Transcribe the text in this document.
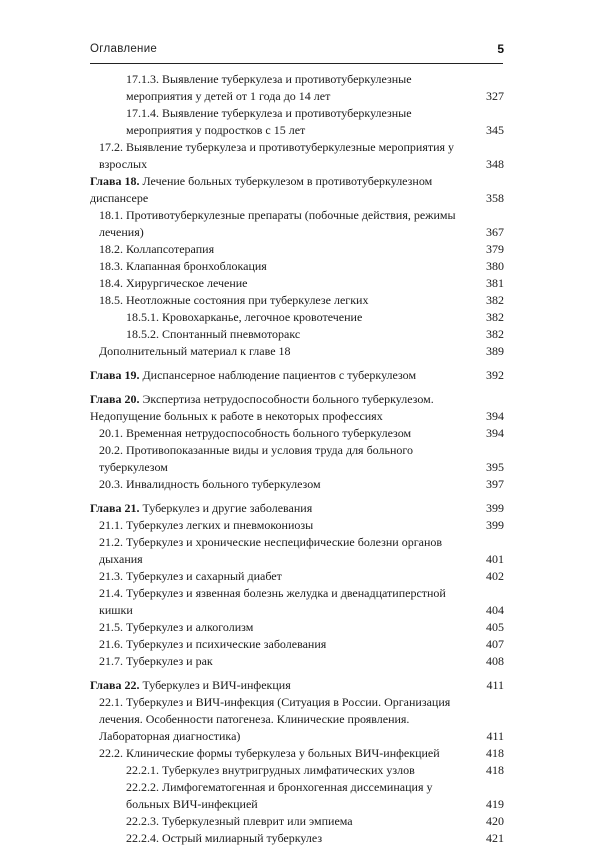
Оглавление	5
17.1.3. Выявление туберкулеза и противотуберкулезные мероприятия у детей от 1 года до 14 лет	327
17.1.4. Выявление туберкулеза и противотуберкулезные мероприятия у подростков с 15 лет	345
17.2. Выявление туберкулеза и противотуберкулезные мероприятия у взрослых	348
Глава 18. Лечение больных туберкулезом в противотуберкулезном диспансере	358
18.1. Противотуберкулезные препараты (побочные действия, режимы лечения)	367
18.2. Коллапсотерапия	379
18.3. Клапанная бронхоблокация	380
18.4. Хирургическое лечение	381
18.5. Неотложные состояния при туберкулезе легких	382
18.5.1. Кровохарканье, легочное кровотечение	382
18.5.2. Спонтанный пневмоторакс	382
Дополнительный материал к главе 18	389
Глава 19. Диспансерное наблюдение пациентов с туберкулезом	392
Глава 20. Экспертиза нетрудоспособности больного туберкулезом. Недопущение больных к работе в некоторых профессиях	394
20.1. Временная нетрудоспособность больного туберкулезом	394
20.2. Противопоказанные виды и условия труда для больного туберкулезом	395
20.3. Инвалидность больного туберкулезом	397
Глава 21. Туберкулез и другие заболевания	399
21.1. Туберкулез легких и пневмокониозы	399
21.2. Туберкулез и хронические неспецифические болезни органов дыхания	401
21.3. Туберкулез и сахарный диабет	402
21.4. Туберкулез и язвенная болезнь желудка и двенадцатиперстной кишки	404
21.5. Туберкулез и алкоголизм	405
21.6. Туберкулез и психические заболевания	407
21.7. Туберкулез и рак	408
Глава 22. Туберкулез и ВИЧ-инфекция	411
22.1. Туберкулез и ВИЧ-инфекция (Ситуация в России. Организация лечения. Особенности патогенеза. Клинические проявления. Лабораторная диагностика)	411
22.2. Клинические формы туберкулеза у больных ВИЧ-инфекцией	418
22.2.1. Туберкулез внутригрудных лимфатических узлов	418
22.2.2. Лимфогематогенная и бронхогенная диссеминация у больных ВИЧ-инфекцией	419
22.2.3. Туберкулезный плеврит или эмпиема	420
22.2.4. Острый милиарный туберкулез	421
